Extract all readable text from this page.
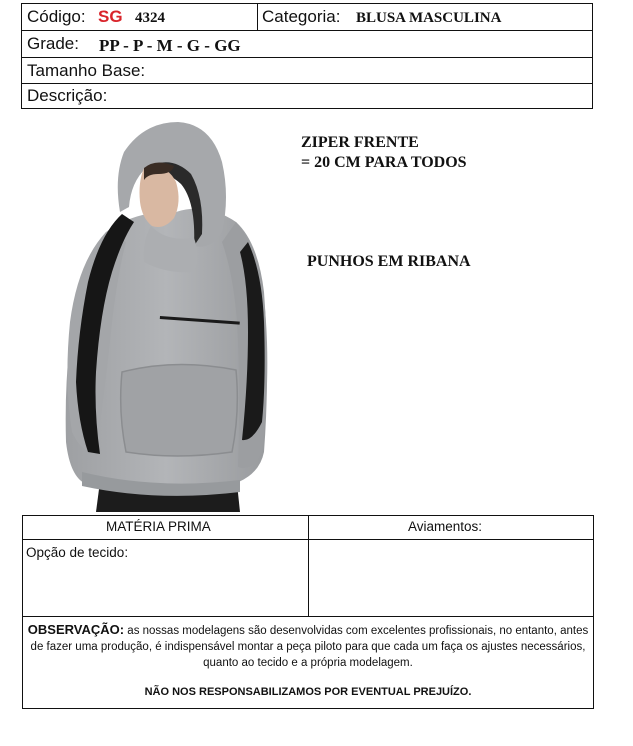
Código: SG 4324	Categoria: BLUSA MASCULINA
Grade: PP - P - M - G - GG
Tamanho Base:
Descrição:
ZIPER FRENTE
= 20 CM PARA TODOS
PUNHOS EM RIBANA
MATÉRIA PRIMA	Aviamentos:
Opção de tecido:
OBSERVAÇÃO: as nossas modelagens são desenvolvidas com excelentes profissionais, no entanto, antes de fazer uma produção, é indispensável montar a peça piloto para que cada um faça os ajustes necessários, quanto ao tecido e a própria modelagem.
NÃO NOS RESPONSABILIZAMOS POR EVENTUAL PREJUÍZO.
